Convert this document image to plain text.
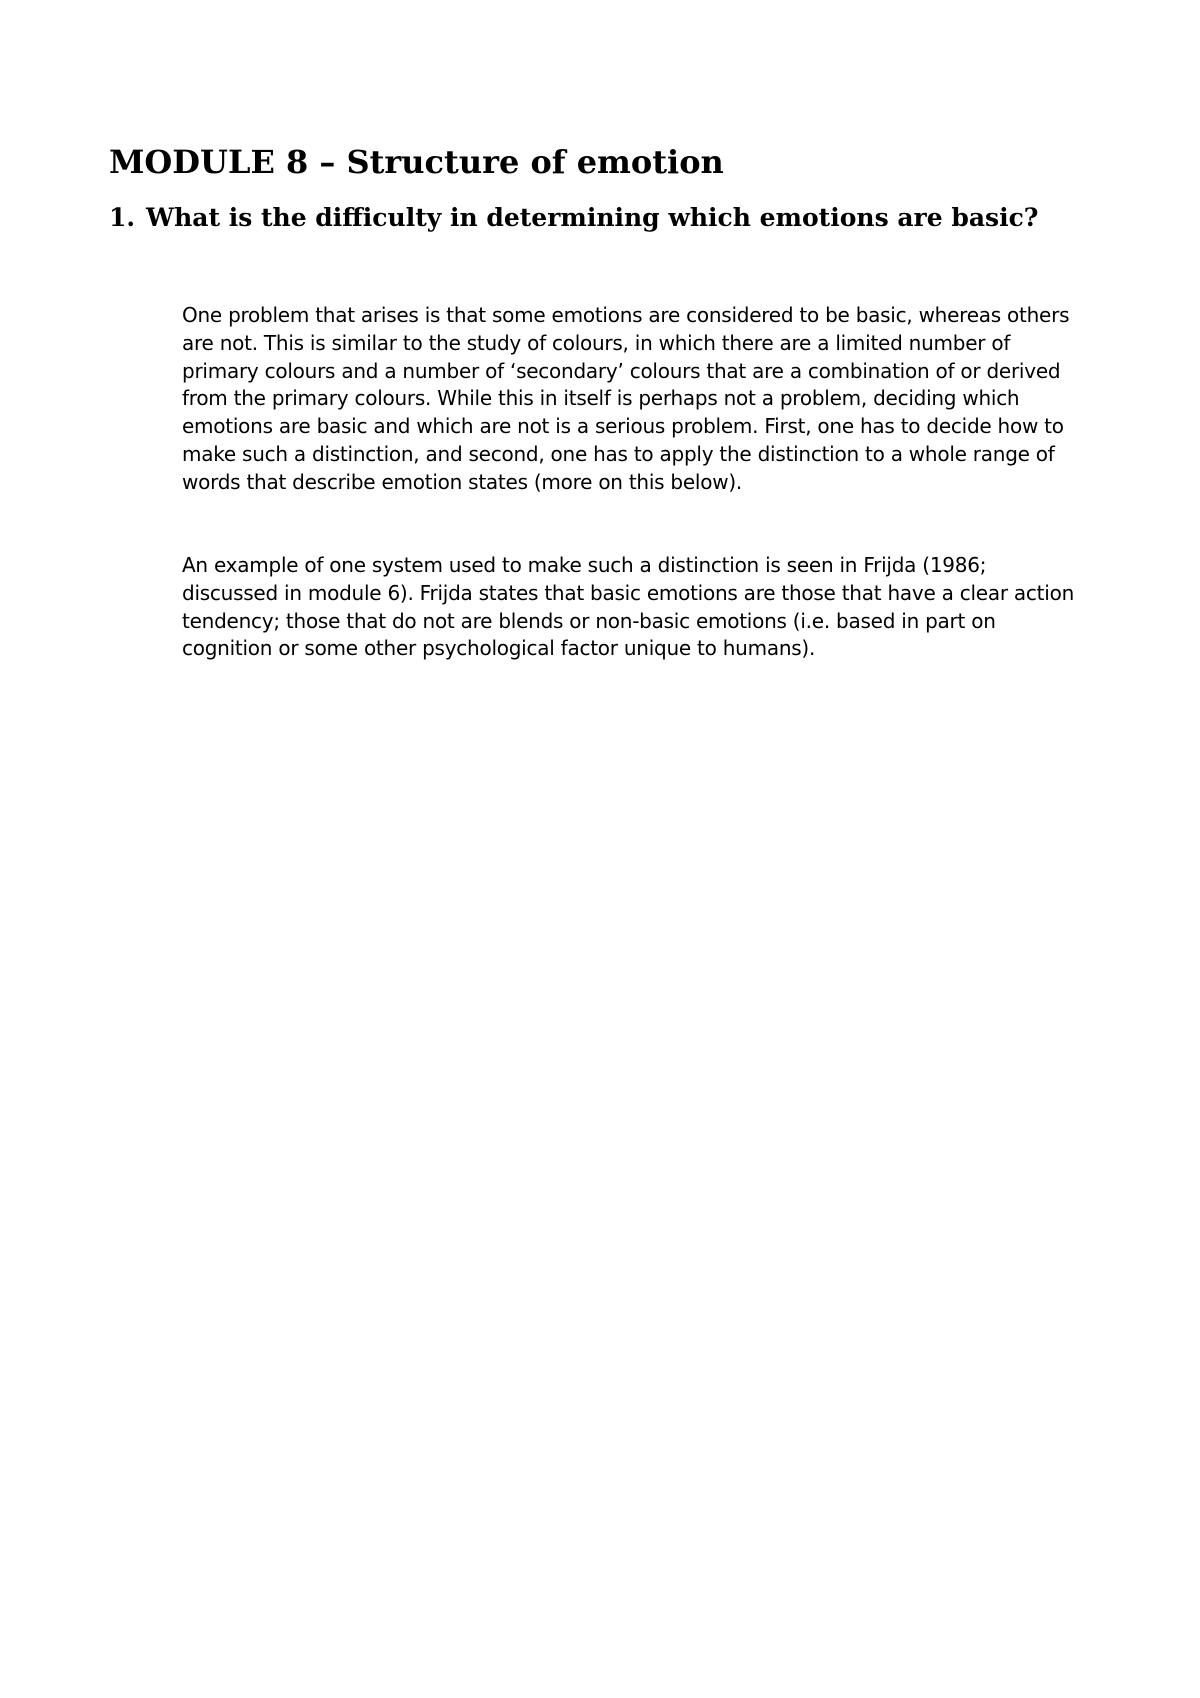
MODULE 8 – Structure of emotion
1. What is the difficulty in determining which emotions are basic?

One problem that arises is that some emotions are considered to be basic, whereas others are not. This is similar to the study of colours, in which there are a limited number of primary colours and a number of ‘secondary’ colours that are a combination of or derived from the primary colours. While this in itself is perhaps not a problem, deciding which emotions are basic and which are not is a serious problem. First, one has to decide how to make such a distinction, and second, one has to apply the distinction to a whole range of words that describe emotion states (more on this below).

An example of one system used to make such a distinction is seen in Frijda (1986; discussed in module 6). Frijda states that basic emotions are those that have a clear action tendency; those that do not are blends or non-basic emotions (i.e. based in part on cognition or some other psychological factor unique to humans).
